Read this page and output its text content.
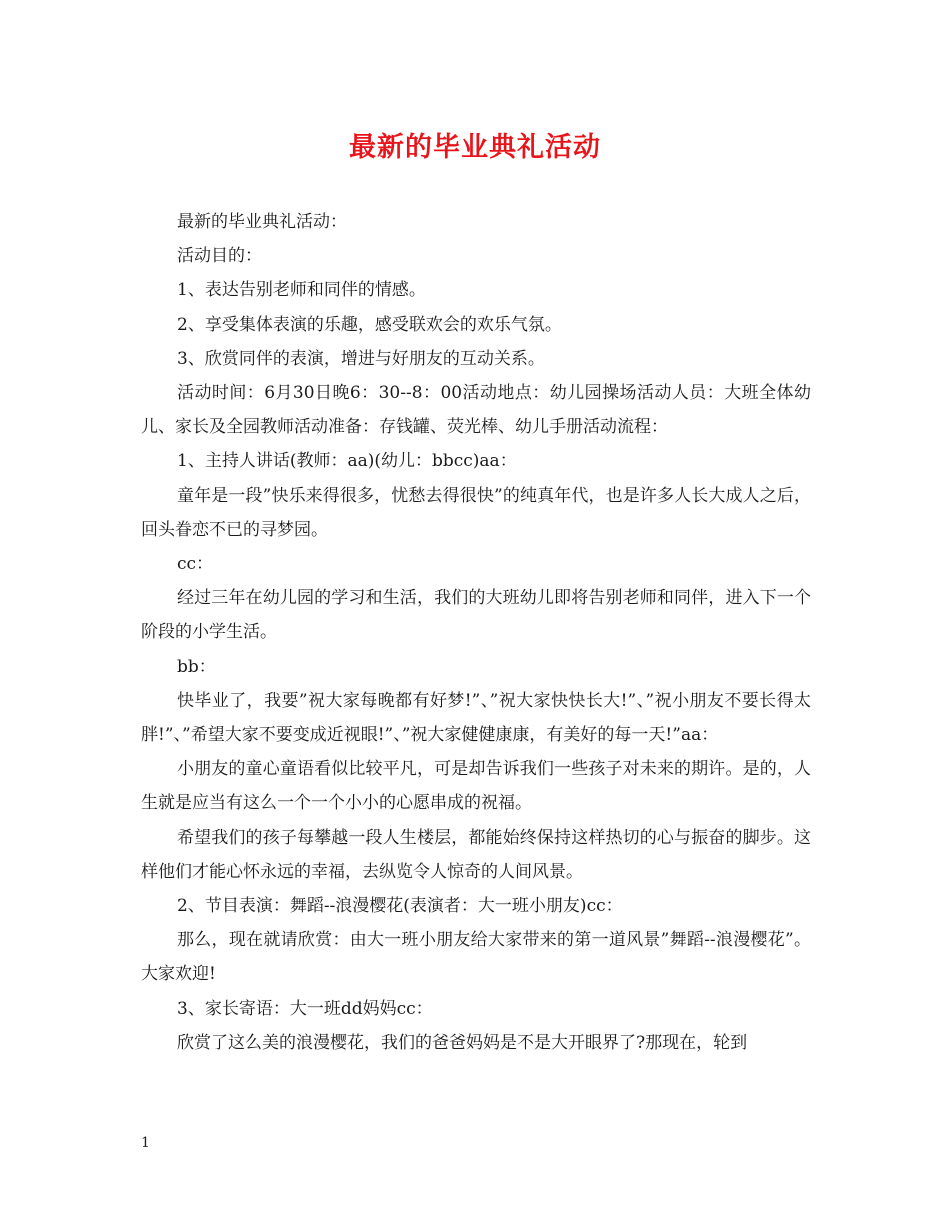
最新的毕业典礼活动

最新的毕业典礼活动：

活动目的：

1、表达告别老师和同伴的情感。

2、享受集体表演的乐趣，感受联欢会的欢乐气氛。

3、欣赏同伴的表演，增进与好朋友的互动关系。

活动时间：6月30日晚6：30--8：00活动地点：幼儿园操场活动人员：大班全体幼儿、家长及全园教师活动准备：存钱罐、荧光棒、幼儿手册活动流程：

1、主持人讲话(教师：aa)(幼儿：bbcc)aa：

童年是一段”快乐来得很多，忧愁去得很快”的纯真年代，也是许多人长大成人之后，回头眷恋不已的寻梦园。

cc：

经过三年在幼儿园的学习和生活，我们的大班幼儿即将告别老师和同伴，进入下一个阶段的小学生活。

bb：

快毕业了，我要”祝大家每晚都有好梦!”、”祝大家快快长大!”、”祝小朋友不要长得太胖!”、”希望大家不要变成近视眼!”、”祝大家健健康康，有美好的每一天!”aa：

小朋友的童心童语看似比较平凡，可是却告诉我们一些孩子对未来的期许。是的，人生就是应当有这么一个一个小小的心愿串成的祝福。

希望我们的孩子每攀越一段人生楼层，都能始终保持这样热切的心与振奋的脚步。这样他们才能心怀永远的幸福，去纵览令人惊奇的人间风景。

2、节目表演：舞蹈--浪漫樱花(表演者：大一班小朋友)cc：

那么，现在就请欣赏：由大一班小朋友给大家带来的第一道风景”舞蹈--浪漫樱花”。大家欢迎!

3、家长寄语：大一班dd妈妈cc：

欣赏了这么美的浪漫樱花，我们的爸爸妈妈是不是大开眼界了?那现在，轮到

1
